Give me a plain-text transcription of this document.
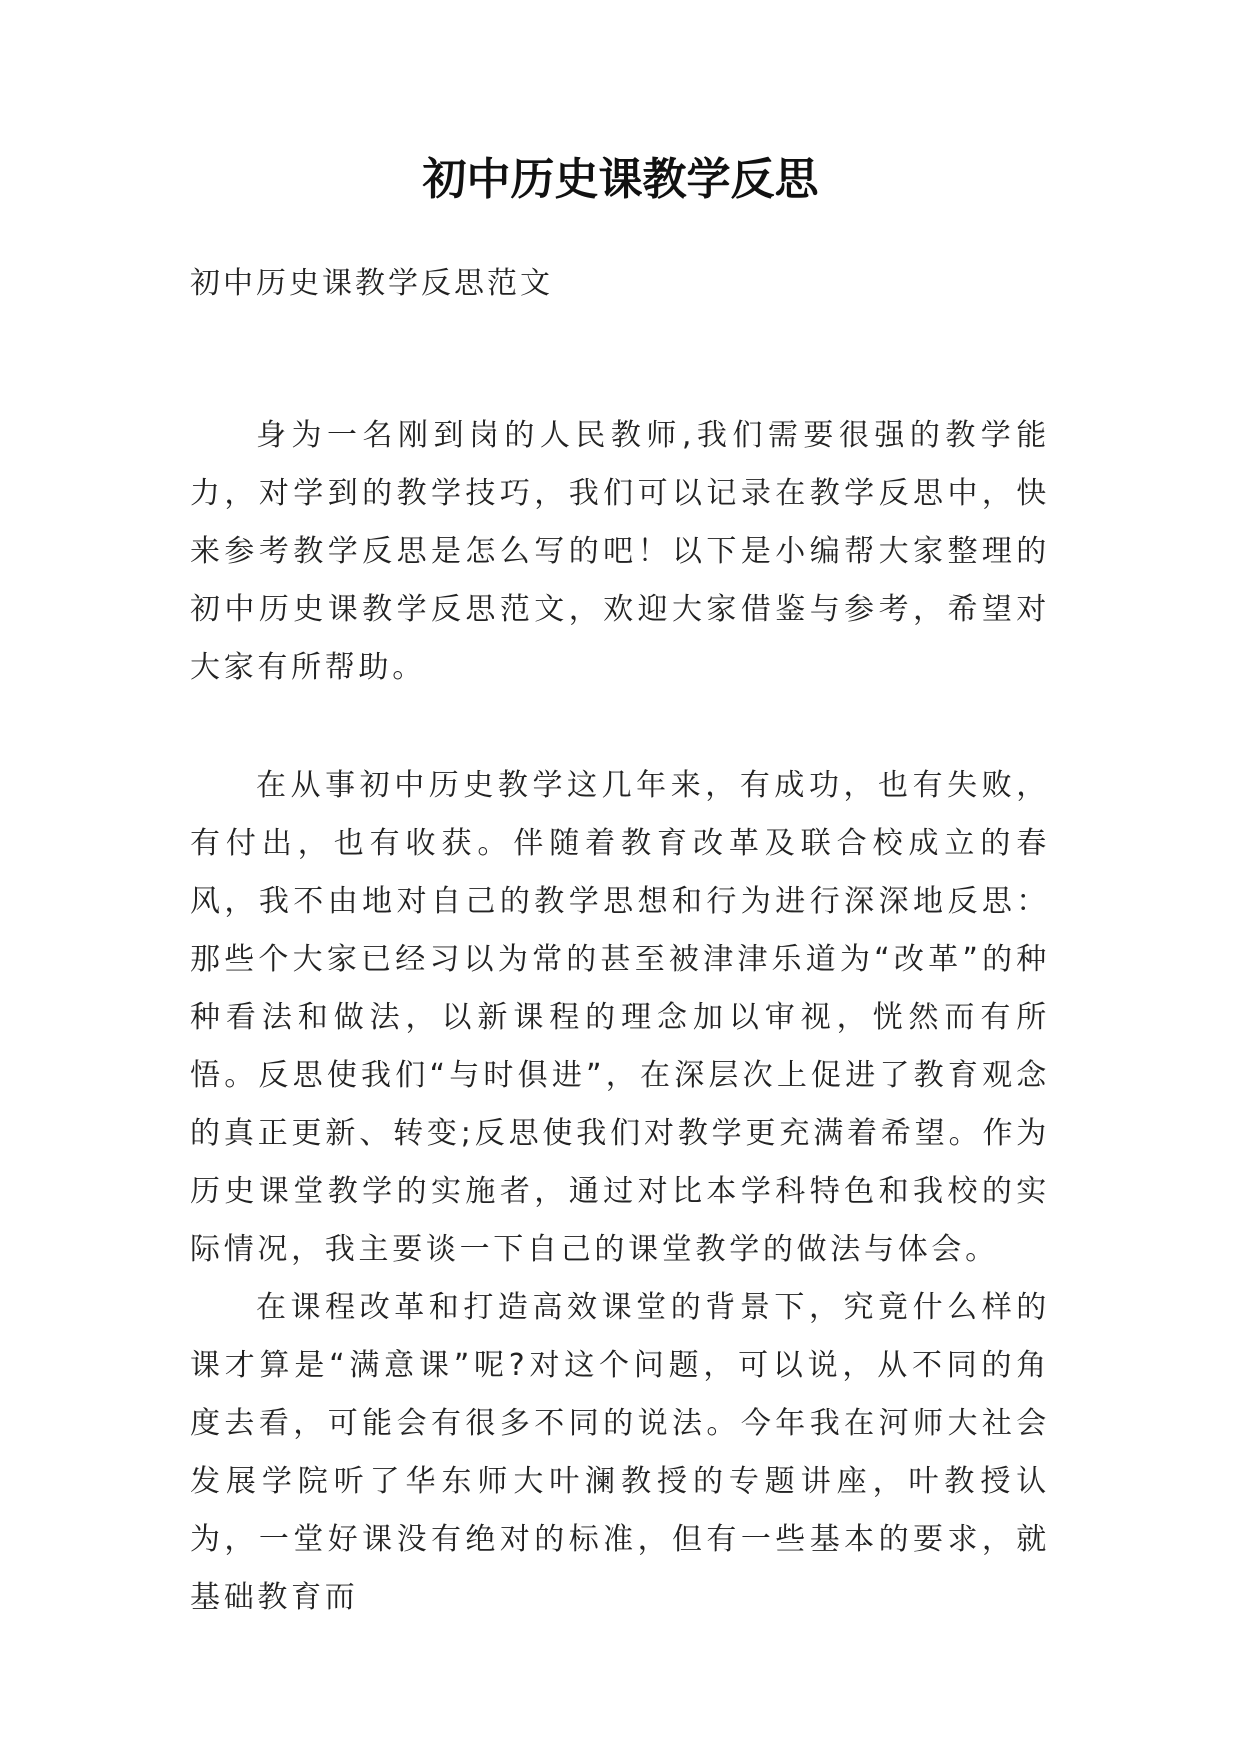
初中历史课教学反思

初中历史课教学反思范文

身为一名刚到岗的人民教师,我们需要很强的教学能力，对学到的教学技巧，我们可以记录在教学反思中，快来参考教学反思是怎么写的吧！以下是小编帮大家整理的初中历史课教学反思范文，欢迎大家借鉴与参考，希望对大家有所帮助。

在从事初中历史教学这几年来，有成功，也有失败，有付出，也有收获。伴随着教育改革及联合校成立的春风，我不由地对自己的教学思想和行为进行深深地反思：那些个大家已经习以为常的甚至被津津乐道为“改革”的种种看法和做法，以新课程的理念加以审视，恍然而有所悟。反思使我们“与时俱进”，在深层次上促进了教育观念的真正更新、转变;反思使我们对教学更充满着希望。作为历史课堂教学的实施者，通过对比本学科特色和我校的实际情况，我主要谈一下自己的课堂教学的做法与体会。

在课程改革和打造高效课堂的背景下，究竟什么样的课才算是“满意课”呢?对这个问题，可以说，从不同的角度去看，可能会有很多不同的说法。今年我在河师大社会发展学院听了华东师大叶澜教授的专题讲座，叶教授认为，一堂好课没有绝对的标准，但有一些基本的要求，就基础教育而
